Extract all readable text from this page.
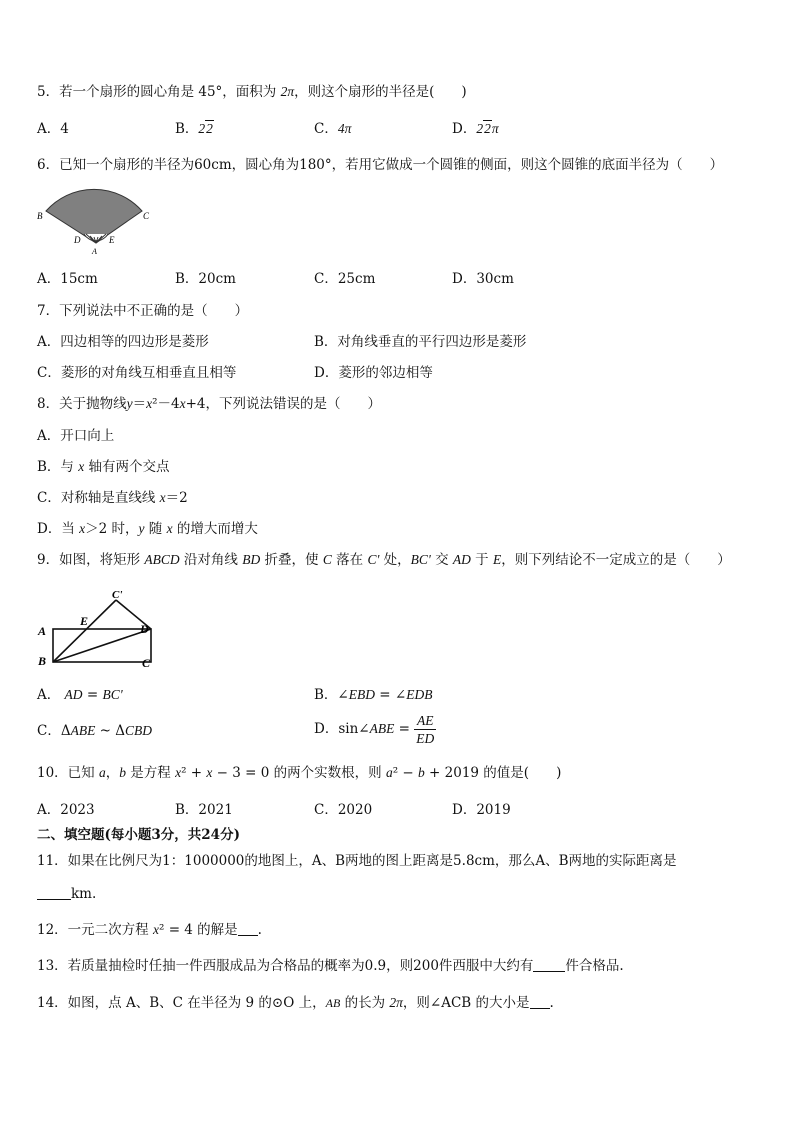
5．若一个扇形的圆心角是 45°，面积为 2π，则这个扇形的半径是(　　)
A．4	B．22	C．4π	D．22π
6．已知一个扇形的半径为60cm，圆心角为180°，若用它做成一个圆锥的侧面，则这个圆锥的底面半径为（　　）
B	C
D	E
A
A．15cm	B．20cm	C．25cm	D．30cm
7．下列说法中不正确的是（　　）
A．四边相等的四边形是菱形	B．对角线垂直的平行四边形是菱形
C．菱形的对角线互相垂直且相等	D．菱形的邻边相等
8．关于抛物线y＝x²－4x+4，下列说法错误的是（　　）
A．开口向上
B．与 x 轴有两个交点
C．对称轴是直线线 x＝2
D．当 x＞2 时，y 随 x 的增大而增大
9．如图，将矩形 ABCD 沿对角线 BD 折叠，使 C 落在 C' 处，BC' 交 AD 于 E，则下列结论不一定成立的是（　　）
C'
E
A	D
B	C
A． AD = BC'	B．∠EBD = ∠EDB
C．ΔABE ~ ΔCBD	D．sin∠ABE = $\frac{AE}{ED}$
10．已知 a，b 是方程 x² + x − 3 = 0 的两个实数根，则 a² − b + 2019 的值是(　　)
A．2023	B．2021	C．2020	D．2019
二、填空题(每小题3分，共24分)
11．如果在比例尺为1：1000000的地图上，A、B两地的图上距离是5.8cm，那么A、B两地的实际距离是
km.
12．一元二次方程 x² = 4 的解是 .
13．若质量抽检时任抽一件西服成品为合格品的概率为0.9，则200件西服中大约有 件合格品.
14．如图，点 A、B、C 在半径为 9 的⊙O 上，AB 的长为 2π，则∠ACB 的大小是 .
